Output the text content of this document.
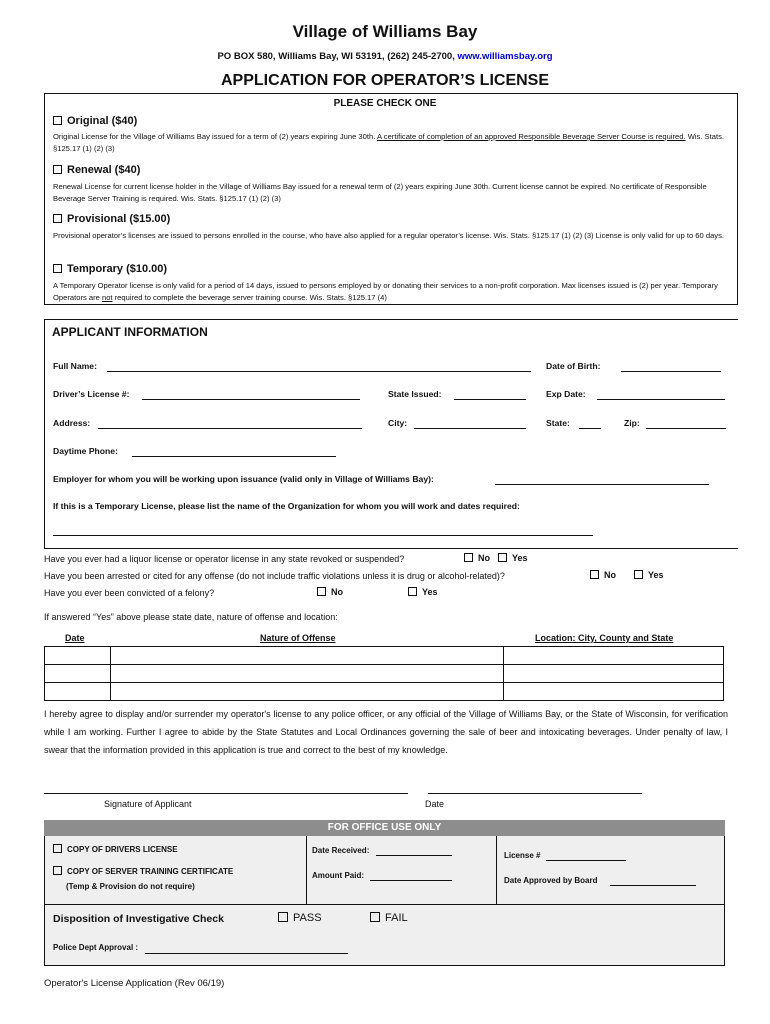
Village of Williams Bay
PO BOX 580, Williams Bay, WI 53191, (262) 245-2700, www.williamsbay.org
APPLICATION FOR OPERATOR’S LICENSE
PLEASE CHECK ONE
Original ($40)
Original License for the Village of Williams Bay issued for a term of (2) years expiring June 30th. A certificate of completion of an approved Responsible Beverage Server Course is required. Wis. Stats. §125.17 (1) (2) (3)
Renewal ($40)
Renewal License for current license holder in the Village of Williams Bay issued for a renewal term of (2) years expiring June 30th. Current license cannot be expired. No certificate of Responsible Beverage Server Training is required. Wis. Stats. §125.17 (1) (2) (3)
Provisional ($15.00)
Provisional operator’s licenses are issued to persons enrolled in the course, who have also applied for a regular operator’s license. Wis. Stats. §125.17 (1) (2) (3) License is only valid for up to 60 days.
Temporary ($10.00)
A Temporary Operator license is only valid for a period of 14 days, issued to persons employed by or donating their services to a non-profit corporation. Max licenses issued is (2) per year. Temporary Operators are not required to complete the beverage server training course. Wis. Stats. §125.17 (4)
APPLICANT INFORMATION
Full Name:	Date of Birth:
Driver’s License #:	State Issued:	Exp Date:
Address:	City:	State:	Zip:
Daytime Phone:
Employer for whom you will be working upon issuance (valid only in Village of Williams Bay):
If this is a Temporary License, please list the name of the Organization for whom you will work and dates required:
Have you ever had a liquor license or operator license in any state revoked or suspended?	No	Yes
Have you been arrested or cited for any offense (do not include traffic violations unless it is drug or alcohol-related)?	No	Yes
Have you ever been convicted of a felony?	No	Yes
If answered “Yes” above please state date, nature of offense and location:
Date	Nature of Offense	Location: City, County and State

I hereby agree to display and/or surrender my operator's license to any police officer, or any official of the Village of Williams Bay, or the State of Wisconsin, for verification while I am working. Further I agree to abide by the State Statutes and Local Ordinances governing the sale of beer and intoxicating beverages. Under penalty of law, I swear that the information provided in this application is true and correct to the best of my knowledge.
Signature of Applicant	Date
FOR OFFICE USE ONLY
COPY OF DRIVERS LICENSE
COPY OF SERVER TRAINING CERTIFICATE
(Temp & Provision do not require)
Date Received:
Amount Paid:
License #
Date Approved by Board
Disposition of Investigative Check	PASS	FAIL
Police Dept Approval :
Operator's License Application (Rev 06/19)
